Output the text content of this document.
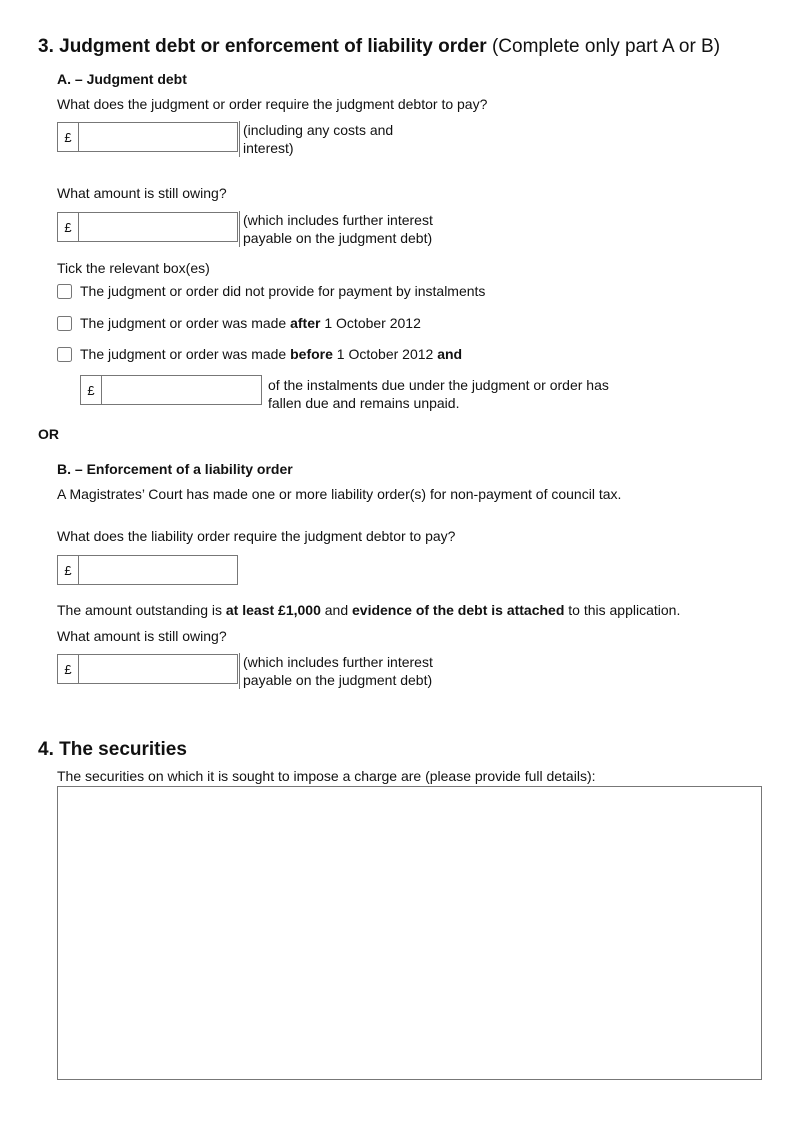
3. Judgment debt or enforcement of liability order (Complete only part A or B)
A. – Judgment debt
What does the judgment or order require the judgment debtor to pay?
£	(including any costs and
interest)
What amount is still owing?
£	(which includes further interest
payable on the judgment debt)
Tick the relevant box(es)
The judgment or order did not provide for payment by instalments
The judgment or order was made after 1 October 2012
The judgment or order was made before 1 October 2012 and
£	of the instalments due under the judgment or order has
fallen due and remains unpaid.
OR
B. – Enforcement of a liability order
A Magistrates’ Court has made one or more liability order(s) for non-payment of council tax.
What does the liability order require the judgment debtor to pay?
£
The amount outstanding is at least £1,000 and evidence of the debt is attached to this application.
What amount is still owing?
£	(which includes further interest
payable on the judgment debt)
4. The securities
The securities on which it is sought to impose a charge are (please provide full details):
